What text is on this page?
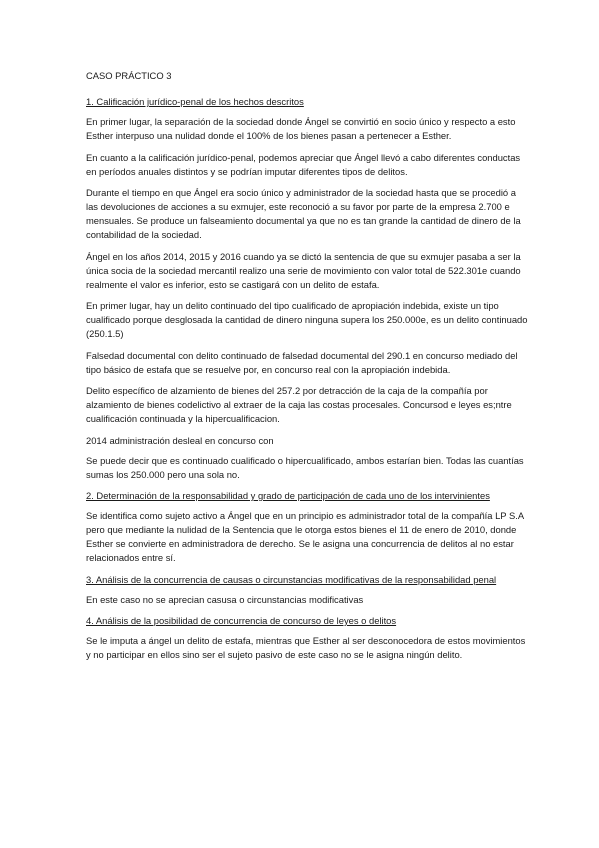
CASO PRÁCTICO 3
1. Calificación jurídico-penal de los hechos descritos

En primer lugar, la separación de la sociedad donde Ángel se convirtió en socio único y respecto a esto Esther interpuso una nulidad donde el 100% de los bienes pasan a pertenecer a Esther.

En cuanto a la calificación jurídico-penal, podemos apreciar que Ángel llevó a cabo diferentes conductas en períodos anuales distintos y se podrían imputar diferentes tipos de delitos.

Durante el tiempo en que Ángel era socio único y administrador de la sociedad hasta que se procedió a las devoluciones de acciones a su exmujer, este reconoció a su favor por parte de la empresa 2.700 e mensuales. Se produce un falseamiento documental ya que no es tan grande la cantidad de dinero de la contabilidad de la sociedad.

Ángel en los años 2014, 2015 y 2016 cuando ya se dictó la sentencia de que su exmujer pasaba a ser la única socia de la sociedad mercantil realizo una serie de movimiento con valor total de 522.301e cuando realmente el valor es inferior, esto se castigará con un delito de estafa.

En primer lugar, hay un delito continuado del tipo cualificado de apropiación indebida, existe un tipo cualificado porque desglosada la cantidad de dinero ninguna supera los 250.000e, es un delito continuado (250.1.5)

Falsedad documental con delito continuado de falsedad documental del 290.1 en concurso mediado del tipo básico de estafa que se resuelve por, en concurso real con la apropiación indebida.

Delito específico de alzamiento de bienes del 257.2 por detracción de la caja de la compañía por alzamiento de bienes codelictivo al extraer de la caja las costas procesales. Concursod e leyes es;ntre cualificación continuada y la hipercualificacion.

2014 administración desleal en concurso con

Se puede decir que es continuado cualificado o hipercualificado, ambos estarían bien. Todas las cuantías sumas los 250.000 pero una sola no.

2. Determinación de la responsabilidad y grado de participación de cada uno de los intervinientes

Se identifica como sujeto activo a Ángel que en un principio es administrador total de la compañía LP S.A pero que mediante la nulidad de la Sentencia que le otorga estos bienes el 11 de enero de 2010, donde Esther se convierte en administradora de derecho. Se le asigna una concurrencia de delitos al no estar relacionados entre sí.

3. Análisis de la concurrencia de causas o circunstancias modificativas de la responsabilidad penal

En este caso no se aprecian casusa o circunstancias modificativas

4. Análisis de la posibilidad de concurrencia de concurso de leyes o delitos

Se le imputa a ángel un delito de estafa, mientras que Esther al ser desconocedora de estos movimientos y no participar en ellos sino ser el sujeto pasivo de este caso no se le asigna ningún delito.
